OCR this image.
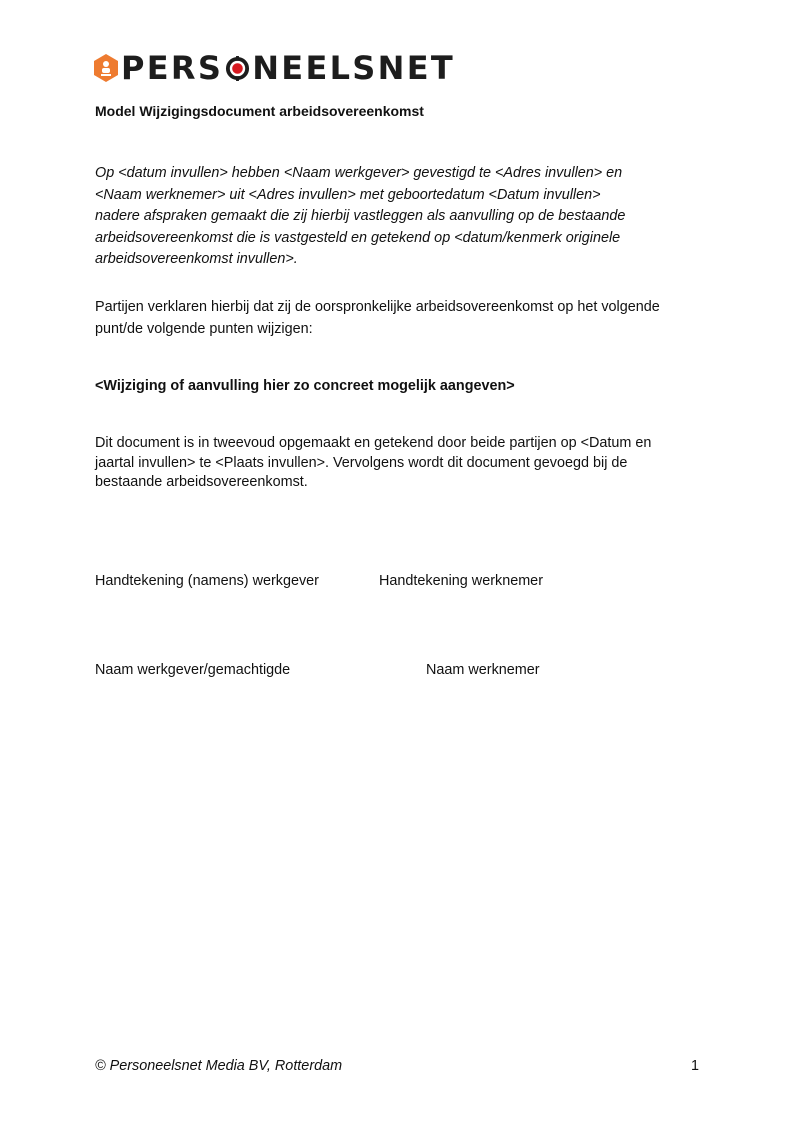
PERS NEELSNET
Model Wijzigingsdocument arbeidsovereenkomst
Op <datum invullen> hebben <Naam werkgever> gevestigd te <Adres invullen> en
<Naam werknemer> uit <Adres invullen> met geboortedatum <Datum invullen>
nadere afspraken gemaakt die zij hierbij vastleggen als aanvulling op de bestaande
arbeidsovereenkomst die is vastgesteld en getekend op <datum/kenmerk originele
arbeidsovereenkomst invullen>.
Partijen verklaren hierbij dat zij de oorspronkelijke arbeidsovereenkomst op het volgende
punt/de volgende punten wijzigen:
<Wijziging of aanvulling hier zo concreet mogelijk aangeven>
Dit document is in tweevoud opgemaakt en getekend door beide partijen op <Datum en
jaartal invullen> te <Plaats invullen>. Vervolgens wordt dit document gevoegd bij de
bestaande arbeidsovereenkomst.
Handtekening (namens) werkgever	Handtekening werknemer
Naam werkgever/gemachtigde	Naam werknemer
© Personeelsnet Media BV, Rotterdam	1
